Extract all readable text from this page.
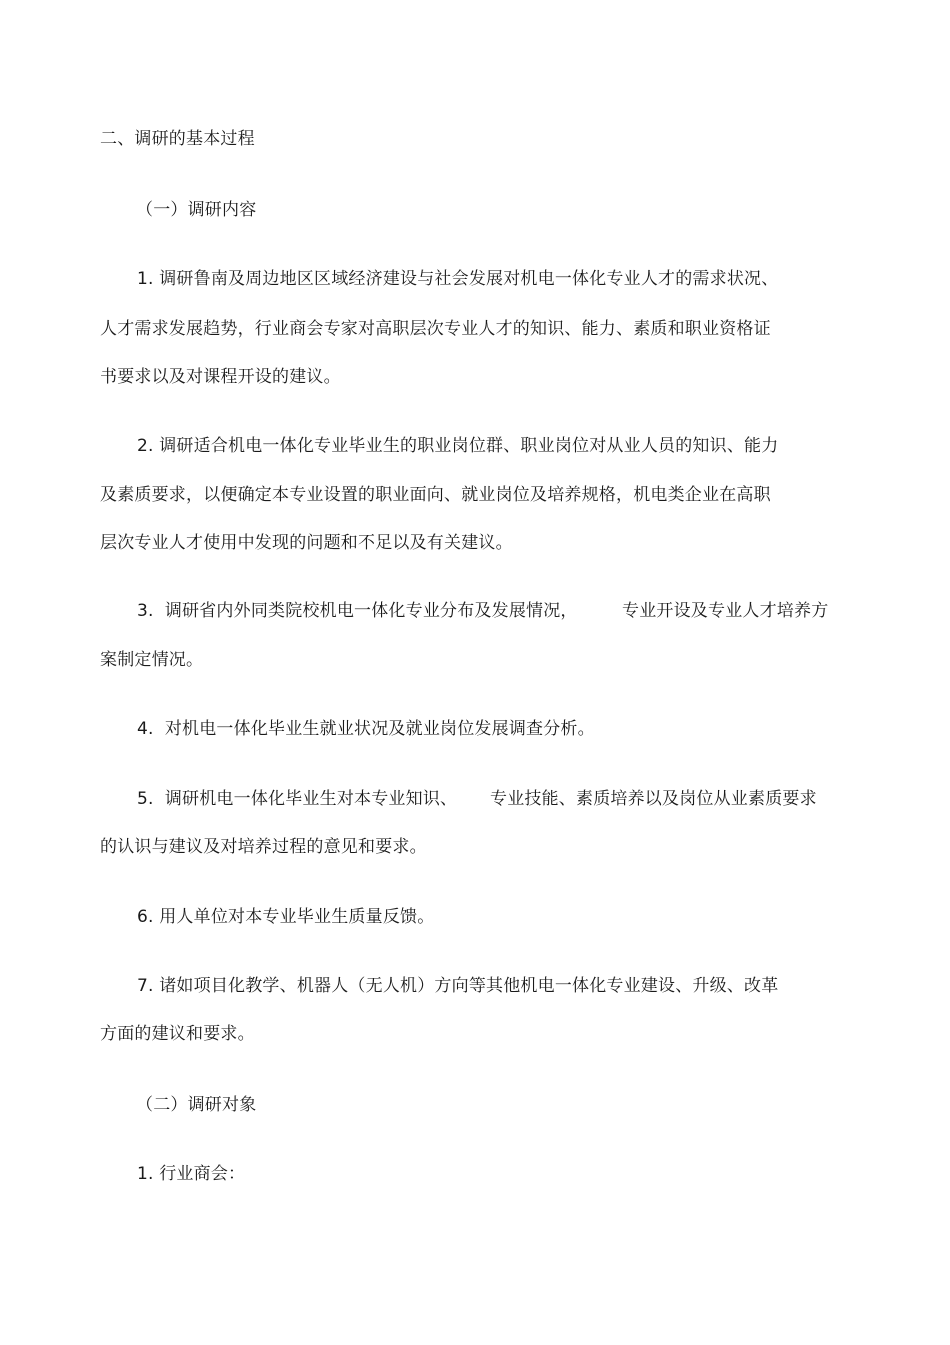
二、调研的基本过程
（一）调研内容
1. 调研鲁南及周边地区区域经济建设与社会发展对机电一体化专业人才的需求状况、
人才需求发展趋势，行业商会专家对高职层次专业人才的知识、能力、素质和职业资格证
书要求以及对课程开设的建议。
2. 调研适合机电一体化专业毕业生的职业岗位群、职业岗位对从业人员的知识、能力
及素质要求，以便确定本专业设置的职业面向、就业岗位及培养规格，机电类企业在高职
层次专业人才使用中发现的问题和不足以及有关建议。
3.  调研省内外同类院校机电一体化专业分布及发展情况，	专业开设及专业人才培养方
案制定情况。
4.  对机电一体化毕业生就业状况及就业岗位发展调查分析。
5.  调研机电一体化毕业生对本专业知识、 专业技能、素质培养以及岗位从业素质要求
的认识与建议及对培养过程的意见和要求。
6. 用人单位对本专业毕业生质量反馈。
7. 诸如项目化教学、机器人（无人机）方向等其他机电一体化专业建设、升级、改革
方面的建议和要求。
（二）调研对象
1. 行业商会：
